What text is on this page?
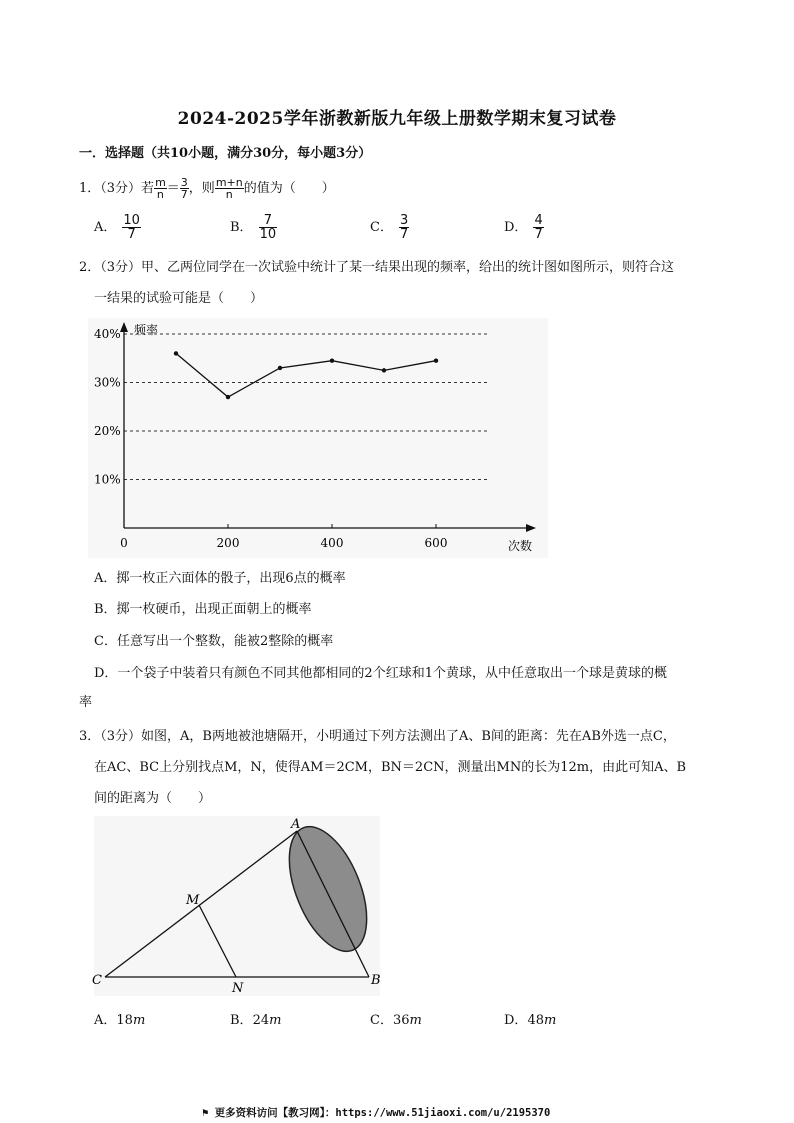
2024-2025学年浙教新版九年级上册数学期末复习试卷
一．选择题（共10小题，满分30分，每小题3分）
1．（3分）若 $\frac{m}{n} = \frac{3}{7}$ ，则 $\frac{m+n}{n}$ 的值为（　　）
A． $\frac{10}{7}$	B． $\frac{7}{10}$	C． $\frac{3}{7}$	D． $\frac{4}{7}$
2．（3分）甲、乙两位同学在一次试验中统计了某一结果出现的频率，给出的统计图如图所示，则符合这
一结果的试验可能是（　　）
10%
20%
30%
40%
0	200	400	600
频率
次数
A．掷一枚正六面体的骰子，出现6点的概率
B．掷一枚硬币，出现正面朝上的概率
C．任意写出一个整数，能被2整除的概率
D．一个袋子中装着只有颜色不同其他都相同的2个红球和1个黄球，从中任意取出一个球是黄球的概
率
3．（3分）如图，A，B两地被池塘隔开，小明通过下列方法测出了A、B间的距离：先在AB外选一点C，
在AC、BC上分别找点M，N，使得AM＝2CM，BN＝2CN，测量出MN的长为12m，由此可知A、B
间的距离为（　　）
A
B
C
M
N
A．18m	B．24m	C．36m	D．48m
⚑ 更多资料访问【教习网】：https://www.51jiaoxi.com/u/2195370
